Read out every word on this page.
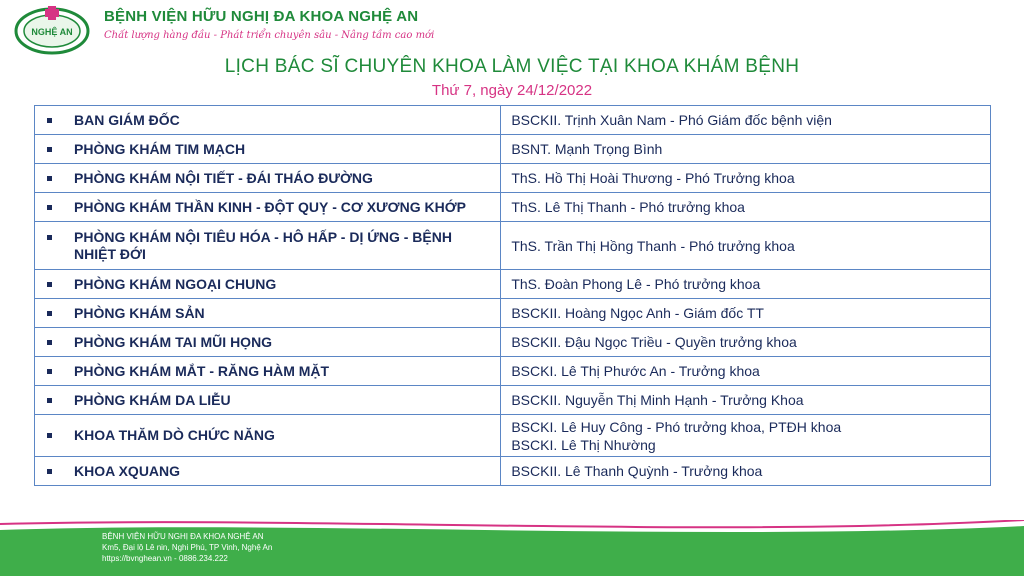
NGHỆ AN
BỆNH VIỆN HỮU NGHỊ ĐA KHOA NGHỆ AN
Chất lượng hàng đầu - Phát triển chuyên sâu - Nâng tầm cao mới
LỊCH BÁC SĨ CHUYÊN KHOA LÀM VIỆC TẠI KHOA KHÁM BỆNH
Thứ 7, ngày 24/12/2022
BAN GIÁM ĐỐC	BSCKII. Trịnh Xuân Nam - Phó Giám đốc bệnh viện

PHÒNG KHÁM TIM MẠCH	BSNT. Mạnh Trọng Bình

PHÒNG KHÁM NỘI TIẾT - ĐÁI THÁO ĐƯỜNG	ThS. Hồ Thị Hoài Thương - Phó Trưởng khoa

PHÒNG KHÁM THẦN KINH - ĐỘT QUỴ - CƠ XƯƠNG KHỚP	ThS. Lê Thị Thanh - Phó trưởng khoa

PHÒNG KHÁM NỘI TIÊU HÓA - HÔ HẤP - DỊ ỨNG - BỆNH NHIỆT ĐỚI	ThS. Trần Thị Hồng Thanh - Phó trưởng khoa

PHÒNG KHÁM NGOẠI CHUNG	ThS. Đoàn Phong Lê - Phó trưởng khoa

PHÒNG KHÁM SẢN	BSCKII. Hoàng Ngọc Anh - Giám đốc TT

PHÒNG KHÁM TAI MŨI HỌNG	BSCKII. Đậu Ngọc Triều - Quyền trưởng khoa

PHÒNG KHÁM MẮT - RĂNG HÀM MẶT	BSCKI. Lê Thị Phước An - Trưởng khoa

PHÒNG KHÁM DA LIỄU	BSCKII. Nguyễn Thị Minh Hạnh - Trưởng Khoa

KHOA THĂM DÒ CHỨC NĂNG	BSCKI. Lê Huy Công - Phó trưởng khoa, PTĐH khoa
BSCKI. Lê Thị Nhường

KHOA XQUANG	BSCKII. Lê Thanh Quỳnh - Trưởng khoa
BỆNH VIỆN HỮU NGHỊ ĐA KHOA NGHỆ AN
Km5, Đại lộ Lê nin, Nghi Phú, TP Vinh, Nghệ An
https://bvnghean.vn - 0886.234.222
